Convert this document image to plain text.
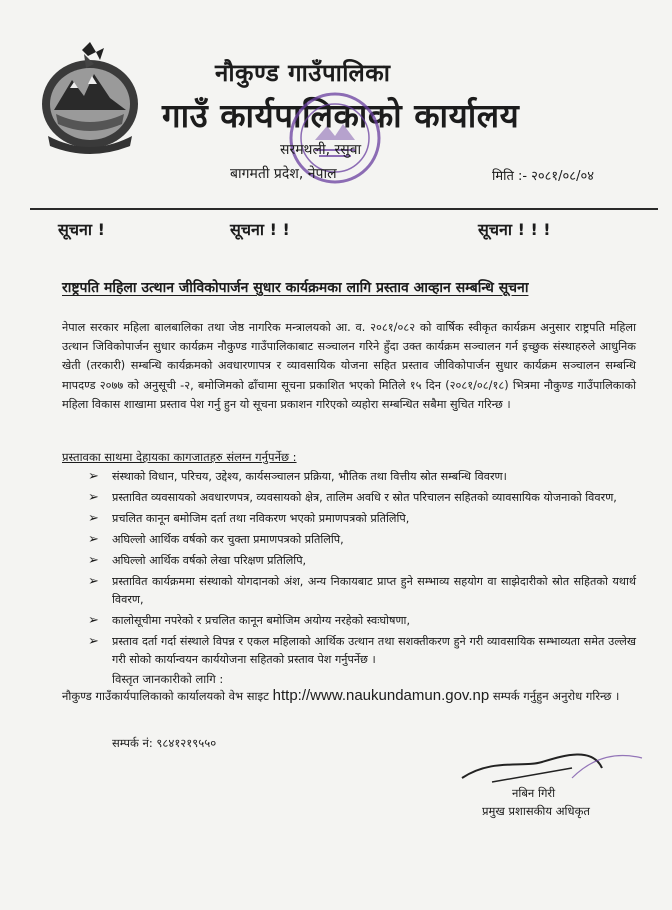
नौकुण्ड गाउँपालिका
गाउँ कार्यपालिकाको कार्यालय
सरमथली, रसुवा
बागमती प्रदेश, नेपाल	मिति :- २०८१/०८/०४
सूचना !	सूचना ! !	सूचना ! ! !
राष्ट्रपति महिला उत्थान जीविकोपार्जन सुधार कार्यक्रमका लागि प्रस्ताव आव्हान सम्बन्धि सूचना
नेपाल सरकार महिला बालबालिका तथा जेष्ठ नागरिक मन्त्रालयको आ. व. २०८१/०८२ को वार्षिक स्वीकृत कार्यक्रम अनुसार राष्ट्रपति महिला उत्थान जिविकोपार्जन सुधार कार्यक्रम नौकुण्ड गाउँपालिकाबाट सञ्चालन गरिने हुँदा उक्त कार्यक्रम सञ्चालन गर्न इच्छुक संस्थाहरुले आधुनिक खेती (तरकारी) सम्बन्धि कार्यक्रमको अवधारणापत्र र व्यावसायिक योजना सहित प्रस्ताव जीविकोपार्जन सुधार कार्यक्रम सञ्चालन सम्बन्धि मापदण्ड २०७७ को अनुसूची -२, बमोजिमको ढाँचामा सूचना प्रकाशित भएको मितिले १५ दिन (२०८१/०८/१८) भित्रमा नौकुण्ड गाउँपालिकाको महिला विकास शाखामा प्रस्ताव पेश गर्नु हुन यो सूचना प्रकाशन गरिएको व्यहोरा सम्बन्धित सबैमा सुचित गरिन्छ ।
प्रस्तावका साथमा देहायका कागजातहरु संलग्न गर्नुपर्नेछ :
➢ संस्थाको विधान, परिचय, उद्देश्य, कार्यसञ्चालन प्रक्रिया, भौतिक तथा वित्तीय स्रोत सम्बन्धि विवरण।
➢ प्रस्तावित व्यवसायको अवधारणपत्र, व्यवसायको क्षेत्र, तालिम अवधि र स्रोत परिचालन सहितको व्यावसायिक योजनाको विवरण,
➢ प्रचलित कानून बमोजिम दर्ता तथा नविकरण भएको प्रमाणपत्रको प्रतिलिपि,
➢ अघिल्लो आर्थिक वर्षको कर चुक्ता प्रमाणपत्रको प्रतिलिपि,
➢ अघिल्लो आर्थिक वर्षको लेखा परिक्षण प्रतिलिपि,
➢ प्रस्तावित कार्यक्रममा संस्थाको योगदानको अंश, अन्य निकायबाट प्राप्त हुने सम्भाव्य सहयोग वा साझेदारीको स्रोत सहितको यथार्थ विवरण,
➢ कालोसूचीमा नपरेको र प्रचलित कानून बमोजिम अयोग्य नरहेको स्वःघोषणा,
➢ प्रस्ताव दर्ता गर्दा संस्थाले विपन्न र एकल महिलाको आर्थिक उत्थान तथा सशक्तीकरण हुने गरी व्यावसायिक सम्भाव्यता समेत उल्लेख गरी सोको कार्यान्वयन कार्ययोजना सहितको प्रस्ताव पेश गर्नुपर्नेछ ।
विस्तृत जानकारीको लागि :
नौकुण्ड गाउँकार्यपालिकाको कार्यालयको वेभ साइट http://www.naukundamun.gov.np सम्पर्क गर्नुहुन अनुरोध गरिन्छ ।
सम्पर्क नं: ९८४१२१९५५०
नबिन गिरी
प्रमुख प्रशासकीय अधिकृत
